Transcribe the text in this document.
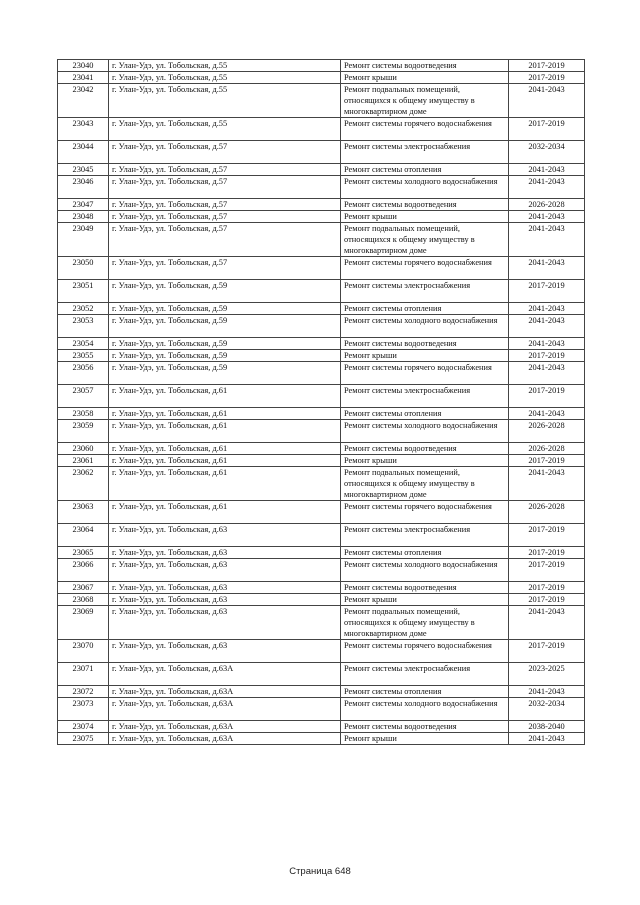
23040	г. Улан-Удэ, ул. Тобольская, д.55	Ремонт системы водоотведения	2017-2019
23041	г. Улан-Удэ, ул. Тобольская, д.55	Ремонт крыши	2017-2019
23042	г. Улан-Удэ, ул. Тобольская, д.55	Ремонт подвальных помещений, относящихся к общему имуществу в многоквартирном доме	2041-2043
23043	г. Улан-Удэ, ул. Тобольская, д.55	Ремонт системы горячего водоснабжения	2017-2019
23044	г. Улан-Удэ, ул. Тобольская, д.57	Ремонт системы электроснабжения	2032-2034
23045	г. Улан-Удэ, ул. Тобольская, д.57	Ремонт системы отопления	2041-2043
23046	г. Улан-Удэ, ул. Тобольская, д.57	Ремонт системы холодного водоснабжения	2041-2043
23047	г. Улан-Удэ, ул. Тобольская, д.57	Ремонт системы водоотведения	2026-2028
23048	г. Улан-Удэ, ул. Тобольская, д.57	Ремонт крыши	2041-2043
23049	г. Улан-Удэ, ул. Тобольская, д.57	Ремонт подвальных помещений, относящихся к общему имуществу в многоквартирном доме	2041-2043
23050	г. Улан-Удэ, ул. Тобольская, д.57	Ремонт системы горячего водоснабжения	2041-2043
23051	г. Улан-Удэ, ул. Тобольская, д.59	Ремонт системы электроснабжения	2017-2019
23052	г. Улан-Удэ, ул. Тобольская, д.59	Ремонт системы отопления	2041-2043
23053	г. Улан-Удэ, ул. Тобольская, д.59	Ремонт системы холодного водоснабжения	2041-2043
23054	г. Улан-Удэ, ул. Тобольская, д.59	Ремонт системы водоотведения	2041-2043
23055	г. Улан-Удэ, ул. Тобольская, д.59	Ремонт крыши	2017-2019
23056	г. Улан-Удэ, ул. Тобольская, д.59	Ремонт системы горячего водоснабжения	2041-2043
23057	г. Улан-Удэ, ул. Тобольская, д.61	Ремонт системы электроснабжения	2017-2019
23058	г. Улан-Удэ, ул. Тобольская, д.61	Ремонт системы отопления	2041-2043
23059	г. Улан-Удэ, ул. Тобольская, д.61	Ремонт системы холодного водоснабжения	2026-2028
23060	г. Улан-Удэ, ул. Тобольская, д.61	Ремонт системы водоотведения	2026-2028
23061	г. Улан-Удэ, ул. Тобольская, д.61	Ремонт крыши	2017-2019
23062	г. Улан-Удэ, ул. Тобольская, д.61	Ремонт подвальных помещений, относящихся к общему имуществу в многоквартирном доме	2041-2043
23063	г. Улан-Удэ, ул. Тобольская, д.61	Ремонт системы горячего водоснабжения	2026-2028
23064	г. Улан-Удэ, ул. Тобольская, д.63	Ремонт системы электроснабжения	2017-2019
23065	г. Улан-Удэ, ул. Тобольская, д.63	Ремонт системы отопления	2017-2019
23066	г. Улан-Удэ, ул. Тобольская, д.63	Ремонт системы холодного водоснабжения	2017-2019
23067	г. Улан-Удэ, ул. Тобольская, д.63	Ремонт системы водоотведения	2017-2019
23068	г. Улан-Удэ, ул. Тобольская, д.63	Ремонт крыши	2017-2019
23069	г. Улан-Удэ, ул. Тобольская, д.63	Ремонт подвальных помещений, относящихся к общему имуществу в многоквартирном доме	2041-2043
23070	г. Улан-Удэ, ул. Тобольская, д.63	Ремонт системы горячего водоснабжения	2017-2019
23071	г. Улан-Удэ, ул. Тобольская, д.63А	Ремонт системы электроснабжения	2023-2025
23072	г. Улан-Удэ, ул. Тобольская, д.63А	Ремонт системы отопления	2041-2043
23073	г. Улан-Удэ, ул. Тобольская, д.63А	Ремонт системы холодного водоснабжения	2032-2034
23074	г. Улан-Удэ, ул. Тобольская, д.63А	Ремонт системы водоотведения	2038-2040
23075	г. Улан-Удэ, ул. Тобольская, д.63А	Ремонт крыши	2041-2043
Страница 648
